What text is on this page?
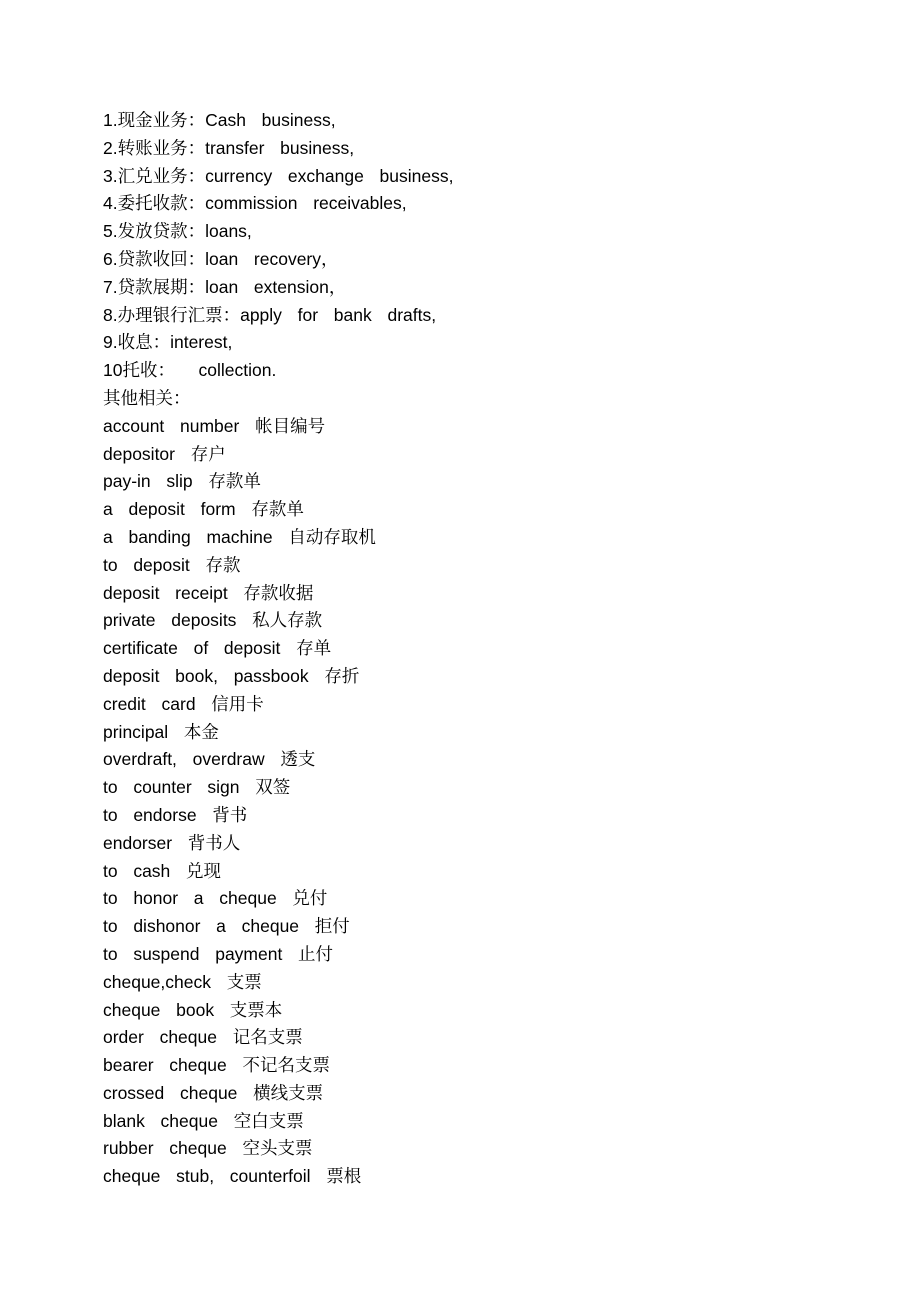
1.现金业务：Cash  business,
2.转账业务：transfer  business,
3.汇兑业务：currency  exchange  business,
4.委托收款：commission  receivables,
5.发放贷款：loans,
6.贷款收回：loan  recovery，
7.贷款展期：loan  extension，
8.办理银行汇票：apply  for  bank  drafts,
9.收息：interest,
10托收：   collection.
其他相关：
account  number  帐目编号
depositor  存户
pay-in  slip  存款单
a  deposit  form  存款单
a  banding  machine  自动存取机
to  deposit  存款
deposit  receipt  存款收据
private  deposits  私人存款
certificate  of  deposit  存单
deposit  book,  passbook  存折
credit  card  信用卡
principal  本金
overdraft,  overdraw  透支
to  counter  sign  双签
to  endorse  背书
endorser  背书人
to  cash  兑现
to  honor  a  cheque  兑付
to  dishonor  a  cheque  拒付
to  suspend  payment  止付
cheque,check  支票
cheque  book  支票本
order  cheque  记名支票
bearer  cheque  不记名支票
crossed  cheque  横线支票
blank  cheque  空白支票
rubber  cheque  空头支票
cheque  stub,  counterfoil  票根
